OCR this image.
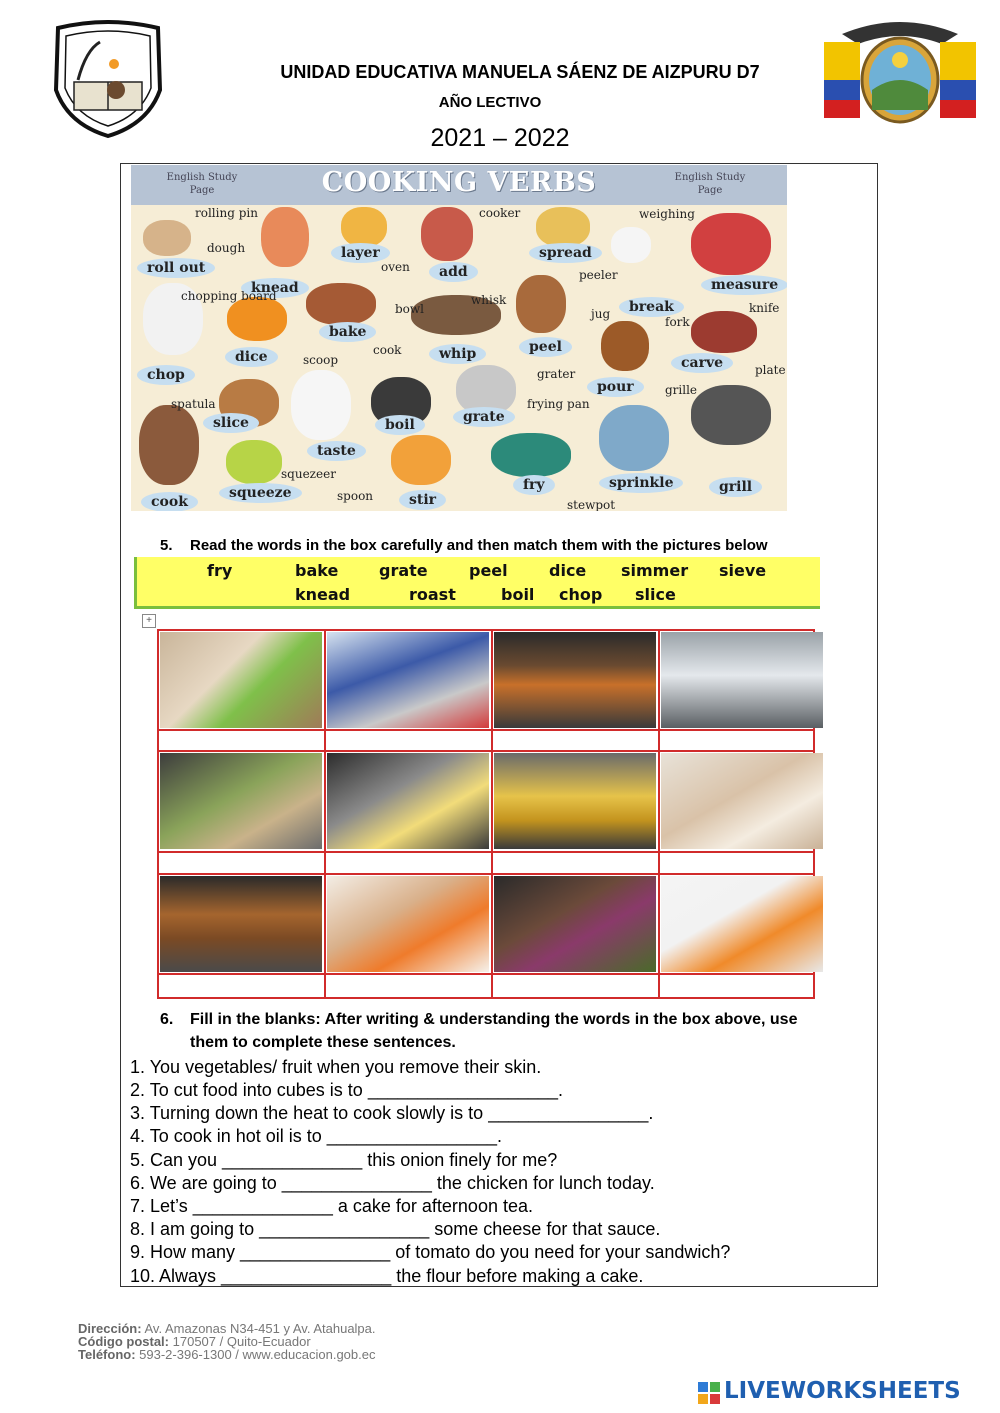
UNIDAD EDUCATIVA MANUELA SÁENZ DE AIZPURU D7
AÑO LECTIVO
2021 – 2022
English Study
Page	COOKING VERBS	English Study
Page
roll out
knead
layer
add
spread
measure
chop
dice
bake
whip	peel
break
carve
slice	boil
taste
grate
pour
cook
squeeze	stir
fry	sprinkle	grill
rolling pin
dough
cooker	weighing
oven
chopping board
bowl
whisk
peeler
jug	knife
fork
scoop
cook
grater
spatula	frying pan
grille
plate
squezeer
spoon
stewpot
5. Read the words in the box carefully and then match them with the pictures below
fry	bake	grate	peel	dice simmer sieve
knead	roast	boil chop slice
+
6. Fill in the blanks: After writing & understanding the words in the box above, use
them to complete these sentences.
1. You vegetables/ fruit when you remove their skin.
2. To cut food into cubes is to ___________________.
3. Turning down the heat to cook slowly is to ________________.
4. To cook in hot oil is to _________________.
5. Can you ______________ this onion finely for me?
6. We are going to _______________ the chicken for lunch today.
7. Let’s ______________ a cake for afternoon tea.
8. I am going to _________________ some cheese for that sauce.
9. How many _______________ of tomato do you need for your sandwich?
10. Always _________________ the flour before making a cake.
Dirección: Av. Amazonas N34-451 y Av. Atahualpa.
Código postal: 170507 / Quito-Ecuador
Teléfono: 593-2-396-1300 / www.educacion.gob.ec
LIVEWORKSHEETS
